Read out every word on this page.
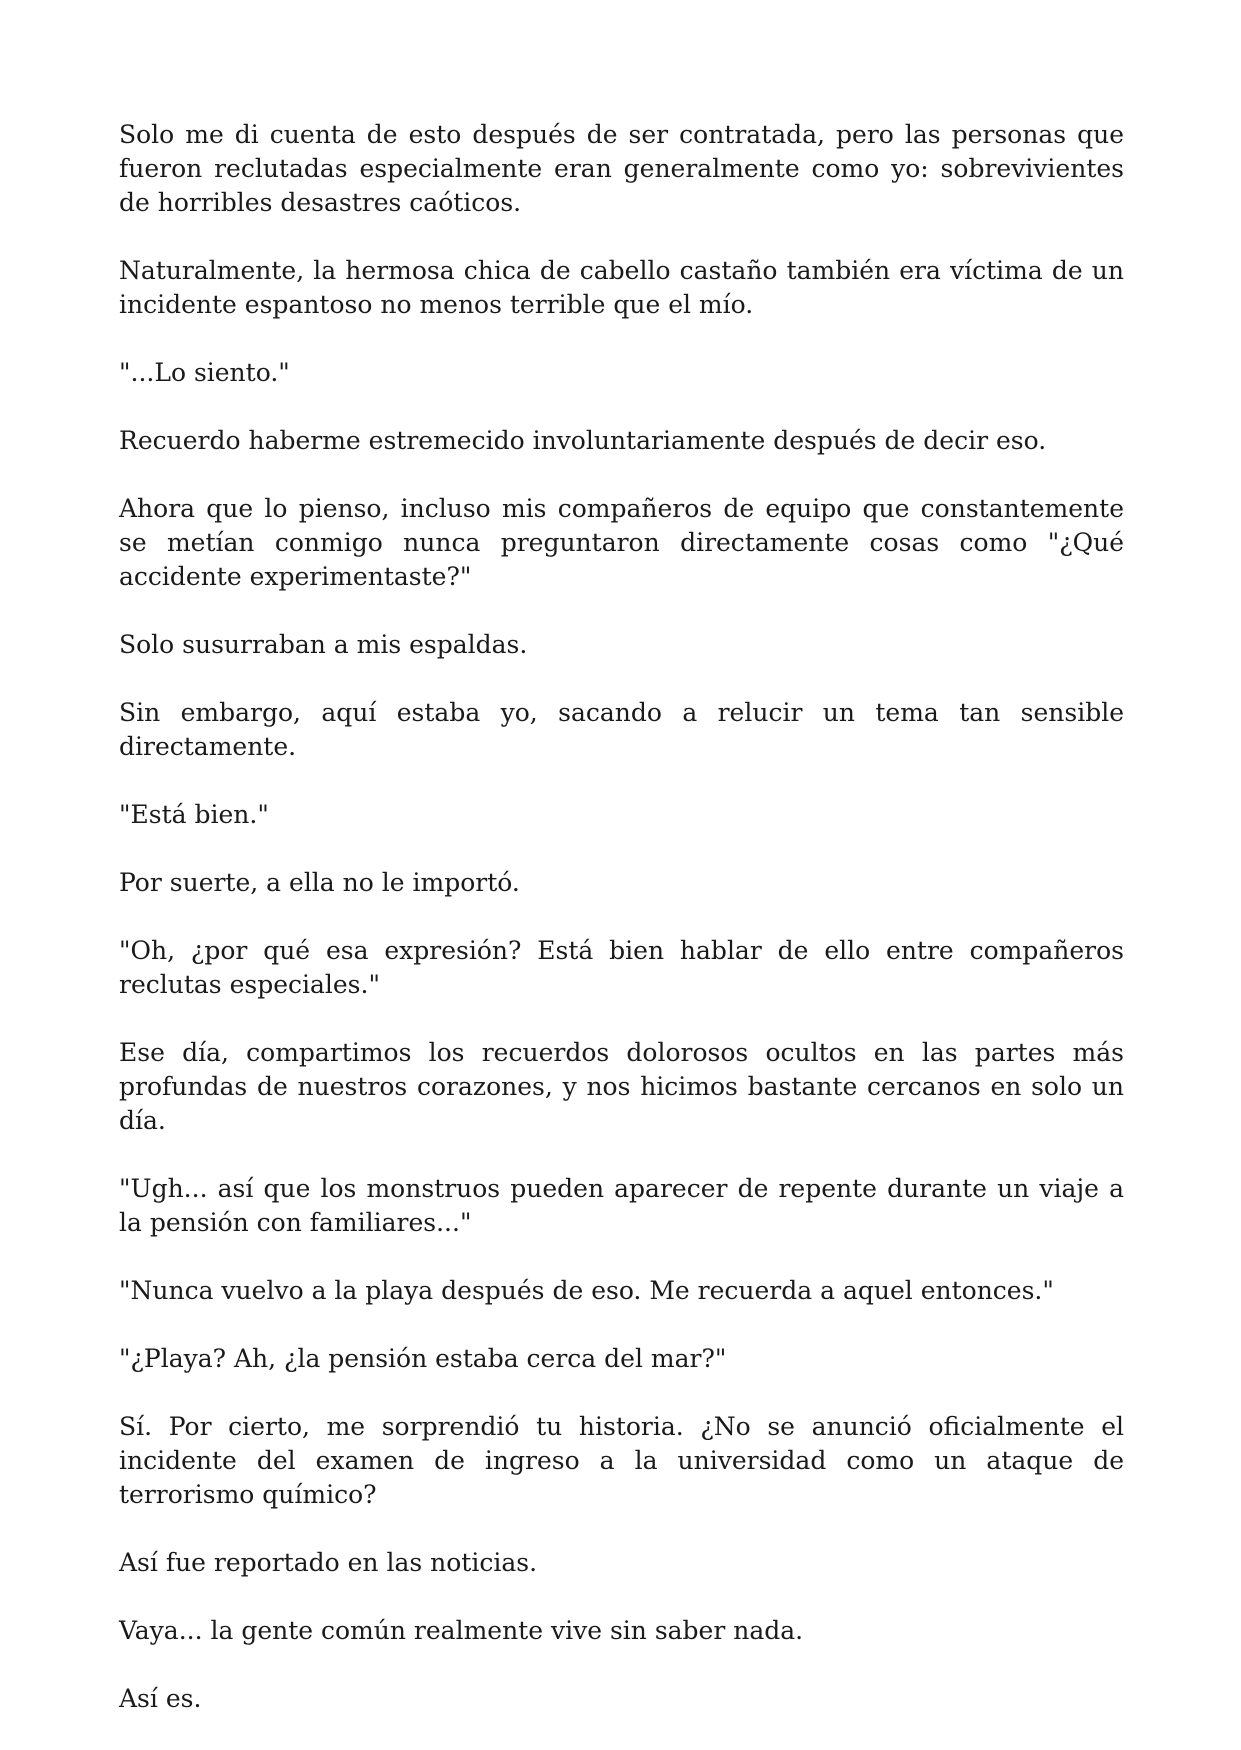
Solo me di cuenta de esto después de ser contratada, pero las personas que fueron reclutadas especialmente eran generalmente como yo: sobrevivientes de horribles desastres caóticos.

Naturalmente, la hermosa chica de cabello castaño también era víctima de un incidente espantoso no menos terrible que el mío.

"...Lo siento."

Recuerdo haberme estremecido involuntariamente después de decir eso.

Ahora que lo pienso, incluso mis compañeros de equipo que constantemente se metían conmigo nunca preguntaron directamente cosas como "¿Qué accidente experimentaste?"

Solo susurraban a mis espaldas.

Sin embargo, aquí estaba yo, sacando a relucir un tema tan sensible directamente.

"Está bien."

Por suerte, a ella no le importó.

"Oh, ¿por qué esa expresión? Está bien hablar de ello entre compañeros reclutas especiales."

Ese día, compartimos los recuerdos dolorosos ocultos en las partes más profundas de nuestros corazones, y nos hicimos bastante cercanos en solo un día.

"Ugh... así que los monstruos pueden aparecer de repente durante un viaje a la pensión con familiares..."

"Nunca vuelvo a la playa después de eso. Me recuerda a aquel entonces."

"¿Playa? Ah, ¿la pensión estaba cerca del mar?"

Sí. Por cierto, me sorprendió tu historia. ¿No se anunció oficialmente el incidente del examen de ingreso a la universidad como un ataque de terrorismo químico?

Así fue reportado en las noticias.

Vaya... la gente común realmente vive sin saber nada.

Así es.
